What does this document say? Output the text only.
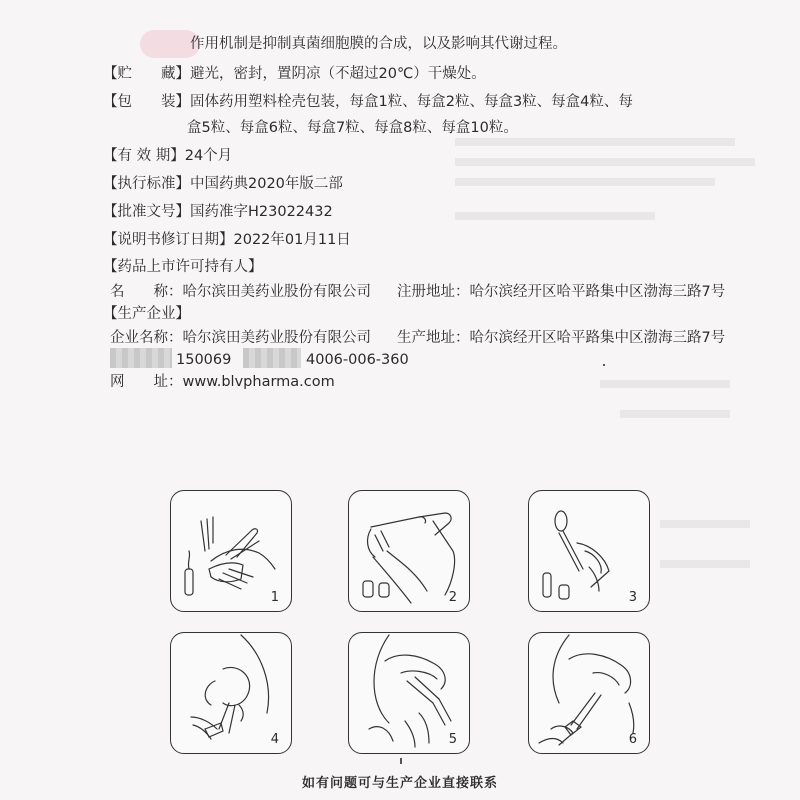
作用机制是抑制真菌细胞膜的合成，以及影响其代谢过程。
【贮　　藏】避光，密封，置阴凉（不超过20℃）干燥处。
【包　　装】固体药用塑料栓壳包装，每盒1粒、每盒2粒、每盒3粒、每盒4粒、每
盒5粒、每盒6粒、每盒7粒、每盒8粒、每盒10粒。
【有 效 期】24个月
【执行标准】中国药典2020年版二部
【批准文号】国药准字H23022432
【说明书修订日期】2022年01月11日
【药品上市许可持有人】
名　　称：哈尔滨田美药业股份有限公司 注册地址：哈尔滨经开区哈平路集中区渤海三路7号
【生产企业】
企业名称：哈尔滨田美药业股份有限公司 生产地址：哈尔滨经开区哈平路集中区渤海三路7号
150069	4006-006-360
网　　址：www.blvpharma.com
1	2	3
4	5	6
如有问题可与生产企业直接联系
